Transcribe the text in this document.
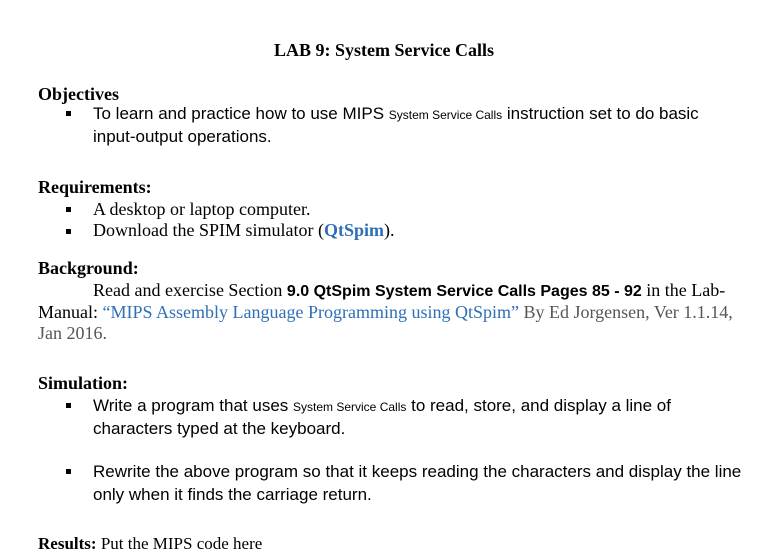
LAB 9: System Service Calls
Objectives
To learn and practice how to use MIPS System Service Calls instruction set to do basic
input-output operations.
Requirements:
A desktop or laptop computer.
Download the SPIM simulator (QtSpim).
Background:
Read and exercise Section 9.0 QtSpim System Service Calls Pages 85 - 92 in the Lab-
Manual: “MIPS Assembly Language Programming using QtSpim” By Ed Jorgensen, Ver 1.1.14,
Jan 2016.
Simulation:
Write a program that uses System Service Calls to read, store, and display a line of
characters typed at the keyboard.
Rewrite the above program so that it keeps reading the characters and display the line
only when it finds the carriage return.
Results: Put the MIPS code here
